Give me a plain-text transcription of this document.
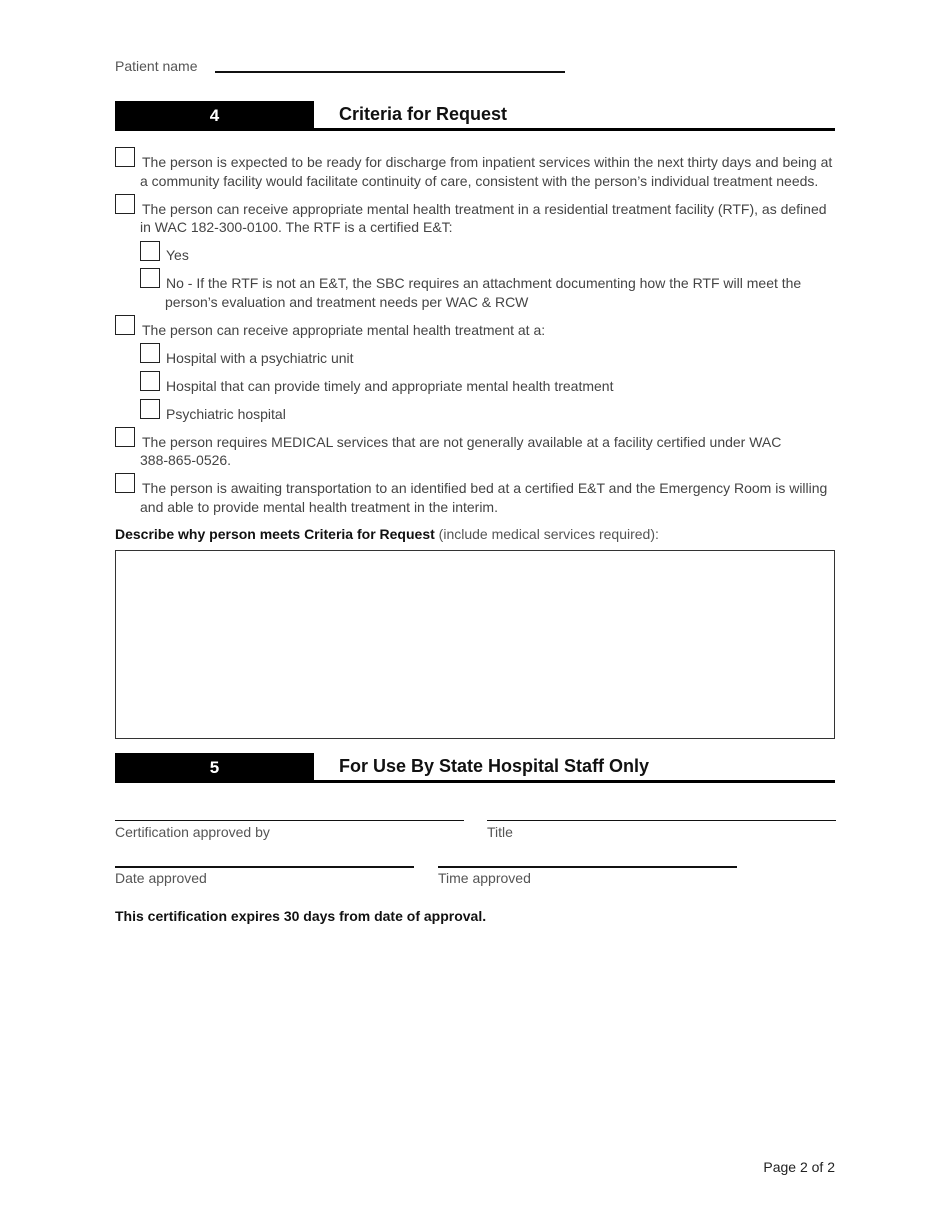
Patient name
4	Criteria for Request
The person is expected to be ready for discharge from inpatient services within the next thirty days and being at
a community facility would facilitate continuity of care, consistent with the person’s individual treatment needs.
The person can receive appropriate mental health treatment in a residential treatment facility (RTF), as defined
in WAC 182-300-0100. The RTF is a certified E&T:
Yes
No - If the RTF is not an E&T, the SBC requires an attachment documenting how the RTF will meet the
person’s evaluation and treatment needs per WAC & RCW
The person can receive appropriate mental health treatment at a:
Hospital with a psychiatric unit
Hospital that can provide timely and appropriate mental health treatment
Psychiatric hospital
The person requires MEDICAL services that are not generally available at a facility certified under WAC
388-865-0526.
The person is awaiting transportation to an identified bed at a certified E&T and the Emergency Room is willing
and able to provide mental health treatment in the interim.
Describe why person meets Criteria for Request (include medical services required):
5	For Use By State Hospital Staff Only
Certification approved by	Title
Date approved	Time approved
This certification expires 30 days from date of approval.
Page 2 of 2
